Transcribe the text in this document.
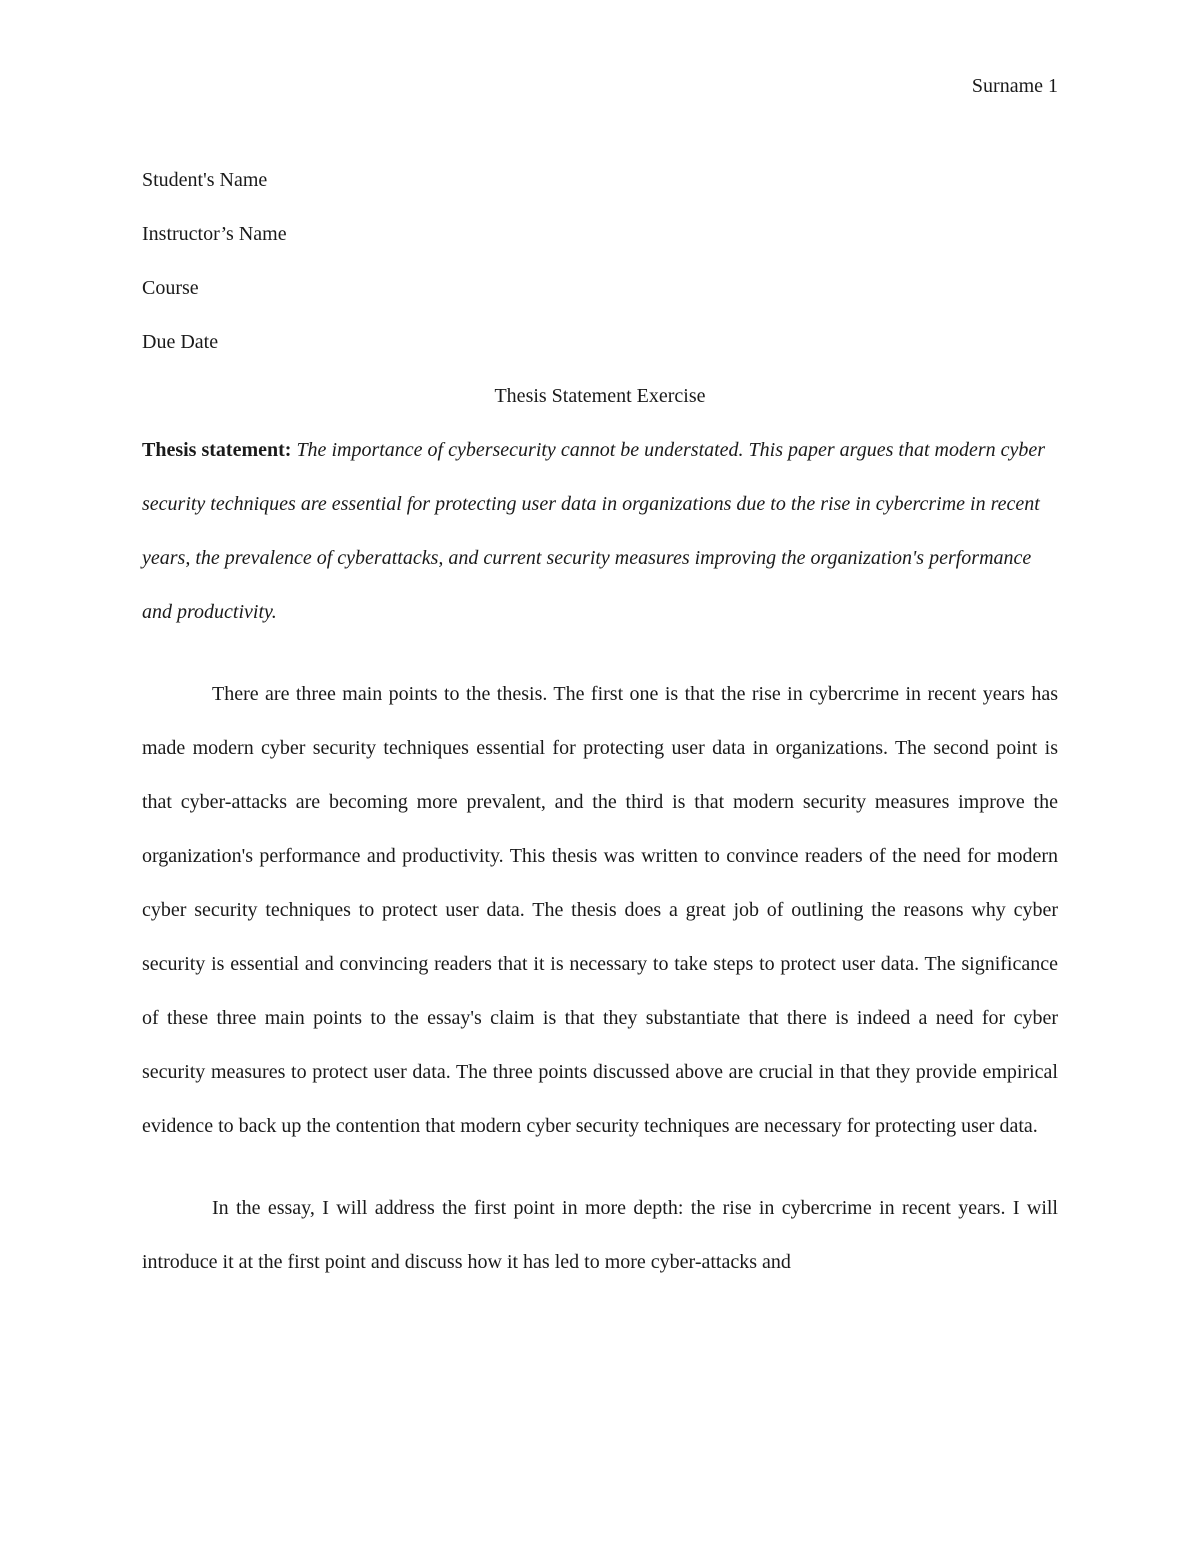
Surname 1
Student's Name
Instructor’s Name
Course
Due Date
Thesis Statement Exercise

Thesis statement: The importance of cybersecurity cannot be understated. This paper argues that modern cyber security techniques are essential for protecting user data in organizations due to the rise in cybercrime in recent years, the prevalence of cyberattacks, and current security measures improving the organization's performance and productivity.

There are three main points to the thesis. The first one is that the rise in cybercrime in recent years has made modern cyber security techniques essential for protecting user data in organizations. The second point is that cyber-attacks are becoming more prevalent, and the third is that modern security measures improve the organization's performance and productivity. This thesis was written to convince readers of the need for modern cyber security techniques to protect user data. The thesis does a great job of outlining the reasons why cyber security is essential and convincing readers that it is necessary to take steps to protect user data. The significance of these three main points to the essay's claim is that they substantiate that there is indeed a need for cyber security measures to protect user data. The three points discussed above are crucial in that they provide empirical evidence to back up the contention that modern cyber security techniques are necessary for protecting user data.

In the essay, I will address the first point in more depth: the rise in cybercrime in recent years. I will introduce it at the first point and discuss how it has led to more cyber-attacks and
